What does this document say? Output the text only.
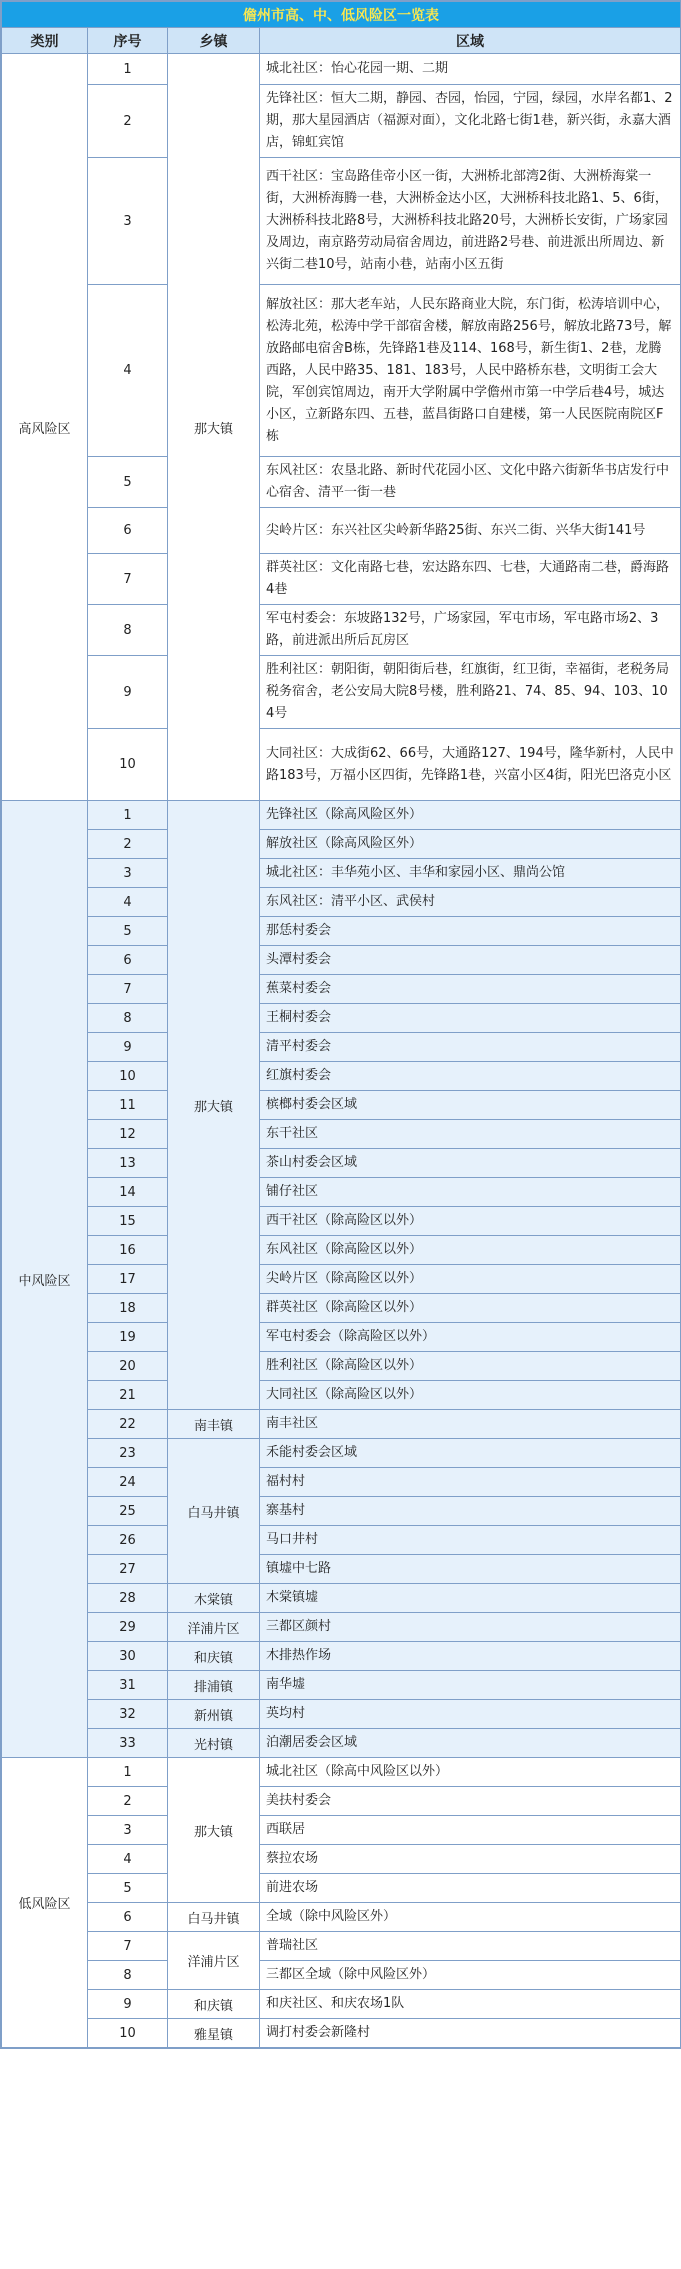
儋州市高、中、低风险区一览表			
类别	序号	乡镇	区域
高风险区	1	那大镇	城北社区：怡心花园一期、二期
	2		先锋社区：恒大二期，静园、杏园，怡园，宁园，绿园，水岸名都1、2期，那大星园酒店（福源对面），文化北路七街1巷，新兴街，永嘉大酒店，锦虹宾馆
	3		西干社区：宝岛路佳帝小区一街，大洲桥北部湾2街、大洲桥海棠一街，大洲桥海腾一巷，大洲桥金达小区，大洲桥科技北路1、5、6街，大洲桥科技北路8号，大洲桥科技北路20号，大洲桥长安街，广场家园及周边，南京路劳动局宿舍周边，前进路2号巷、前进派出所周边、新兴街二巷10号，站南小巷，站南小区五街
	4		解放社区：那大老车站，人民东路商业大院，东门街，松涛培训中心，松涛北苑，松涛中学干部宿舍楼，解放南路256号，解放北路73号，解放路邮电宿舍B栋，先锋路1巷及114、168号，新生街1、2巷，龙腾西路，人民中路35、181、183号，人民中路桥东巷，文明街工会大院，军创宾馆周边，南开大学附属中学儋州市第一中学后巷4号，城达小区，立新路东四、五巷，蓝昌街路口自建楼，第一人民医院南院区F栋
	5		东风社区：农垦北路、新时代花园小区、文化中路六街新华书店发行中心宿舍、清平一街一巷
	6		尖岭片区：东兴社区尖岭新华路25街、东兴二街、兴华大街141号
	7		群英社区：文化南路七巷，宏达路东四、七巷，大通路南二巷，爵海路4巷
	8		军屯村委会：东坡路132号，广场家园，军屯市场，军屯路市场2、3路，前进派出所后瓦房区
	9		胜利社区：朝阳街，朝阳街后巷，红旗街，红卫街，幸福街，老税务局税务宿舍，老公安局大院8号楼，胜利路21、74、85、94、103、104号
	10		大同社区：大成街62、66号，大通路127、194号，隆华新村，人民中路183号，万福小区四街，先锋路1巷，兴富小区4街，阳光巴洛克小区
中风险区	1	那大镇	先锋社区（除高风险区外）
	2		解放社区（除高风险区外）
	3		城北社区：丰华苑小区、丰华和家园小区、鼎尚公馆
	4		东风社区：清平小区、武侯村
	5		那恁村委会
	6		头潭村委会
	7		蕉菜村委会
	8		王桐村委会
	9		清平村委会
	10		红旗村委会
	11		槟榔村委会区域
	12		东干社区
	13		茶山村委会区域
	14		铺仔社区
	15		西干社区（除高险区以外）
	16		东风社区（除高险区以外）
	17		尖岭片区（除高险区以外）
	18		群英社区（除高险区以外）
	19		军屯村委会（除高险区以外）
	20		胜利社区（除高险区以外）
	21		大同社区（除高险区以外）
	22	南丰镇	南丰社区
	23	白马井镇	禾能村委会区域
	24		福村村
	25		寨基村
	26		马口井村
	27		镇墟中七路
	28	木棠镇	木棠镇墟
	29	洋浦片区	三都区颜村
	30	和庆镇	木排热作场
	31	排浦镇	南华墟
	32	新州镇	英均村
	33	光村镇	泊潮居委会区域
低风险区	1	那大镇	城北社区（除高中风险区以外）
	2		美扶村委会
	3		西联居
	4		蔡拉农场
	5		前进农场
	6	白马井镇	全域（除中风险区外）
	7	洋浦片区	普瑞社区
	8		三都区全域（除中风险区外）
	9	和庆镇	和庆社区、和庆农场1队
	10	雅星镇	调打村委会新隆村
